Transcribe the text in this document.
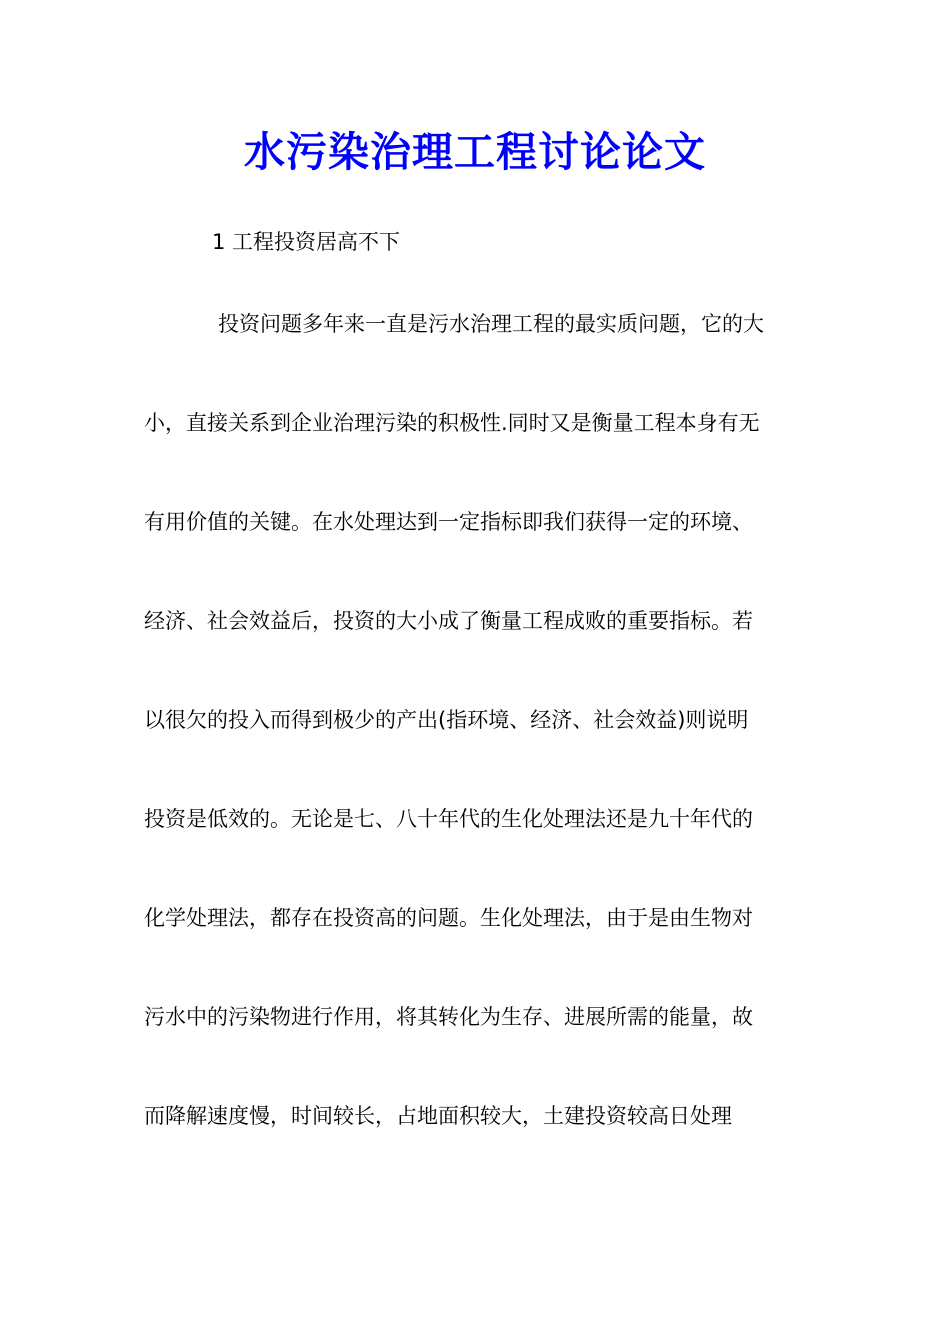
水污染治理工程讨论论文
1 工程投资居高不下
投资问题多年来一直是污水治理工程的最实质问题，它的大
小，直接关系到企业治理污染的积极性.同时又是衡量工程本身有无
有用价值的关键。在水处理达到一定指标即我们获得一定的环境、
经济、社会效益后，投资的大小成了衡量工程成败的重要指标。若
以很欠的投入而得到极少的产出(指环境、经济、社会效益)则说明
投资是低效的。无论是七、八十年代的生化处理法还是九十年代的
化学处理法，都存在投资高的问题。生化处理法，由于是由生物对
污水中的污染物进行作用，将其转化为生存、进展所需的能量，故
而降解速度慢，时间较长，占地面积较大，土建投资较高日处理
